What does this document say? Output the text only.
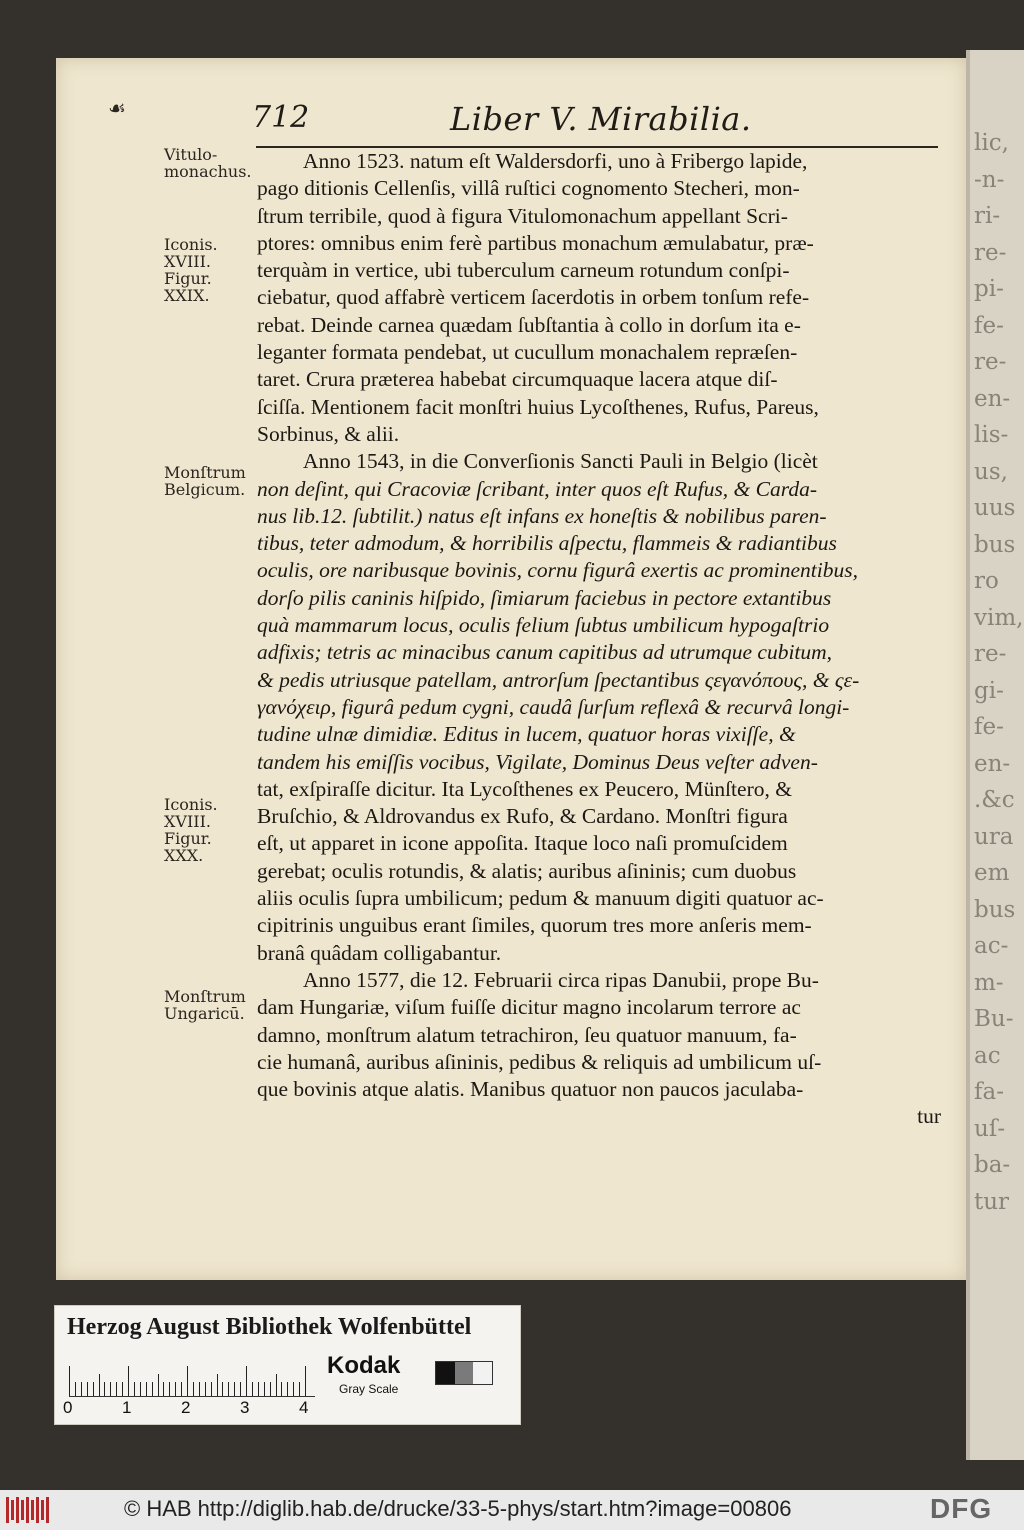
lic,
-n-
ri-
re-
pi-
fe-
re-
en-
lis-
us,
uus
bus
ro
vim,
re-
gi-
fe-
en-
.&c
ura
em
bus
ac-
m-
Bu-
ac
fa-
uſ-
ba-
tur
☙	712	Liber V. Mirabilia.
Vitulo-
monachus.
Iconis.
XVIII.
Figur.
XXIX.
Monſtrum
Belgicum.
Iconis.
XVIII.
Figur.
XXX.
Monſtrum
Ungaricū.
Anno 1523. natum eſt Waldersdorfi, uno à Fribergo lapide,
pago ditionis Cellenſis, villâ ruſtici cognomento Stecheri, mon-
ſtrum terribile, quod à figura Vitulomonachum appellant Scri-
ptores: omnibus enim ferè partibus monachum æmulabatur, præ-
terquàm in vertice, ubi tuberculum carneum rotundum conſpi-
ciebatur, quod affabrè verticem ſacerdotis in orbem tonſum refe-
rebat. Deinde carnea quædam ſubſtantia à collo in dorſum ita e-
leganter formata pendebat, ut cucullum monachalem repræſen-
taret. Crura præterea habebat circumquaque lacera atque diſ-
ſciſſa. Mentionem facit monſtri huius Lycoſthenes, Rufus, Pareus,
Sorbinus, & alii.
Anno 1543, in die Converſionis Sancti Pauli in Belgio (licèt
non deſint, qui Cracoviæ ſcribant, inter quos eſt Rufus, & Carda-
nus lib.12. ſubtilit.) natus eſt infans ex honeſtis & nobilibus paren-
tibus, teter admodum, & horribilis aſpectu, flammeis & radiantibus
oculis, ore naribusque bovinis, cornu figurâ exertis ac prominentibus,
dorſo pilis caninis hiſpido, ſimiarum faciebus in pectore extantibus
quà mammarum locus, oculis felium ſubtus umbilicum hypogaſtrio
adfixis; tetris ac minacibus canum capitibus ad utrumque cubitum,
& pedis utriusque patellam, antrorſum ſpectantibus ςεγανόπους, & ςε-
γανόχειρ, figurâ pedum cygni, caudâ ſurſum reflexâ & recurvâ longi-
tudine ulnæ dimidiæ. Editus in lucem, quatuor horas vixiſſe, &
tandem his emiſſis vocibus, Vigilate, Dominus Deus veſter adven-
tat, exſpiraſſe dicitur. Ita Lycoſthenes ex Peucero, Münſtero, &
Bruſchio, & Aldrovandus ex Rufo, & Cardano. Monſtri figura
eſt, ut apparet in icone appoſita. Itaque loco naſi promuſcidem
gerebat; oculis rotundis, & alatis; auribus aſininis; cum duobus
aliis oculis ſupra umbilicum; pedum & manuum digiti quatuor ac-
cipitrinis unguibus erant ſimiles, quorum tres more anſeris mem-
branâ quâdam colligabantur.
Anno 1577, die 12. Februarii circa ripas Danubii, prope Bu-
dam Hungariæ, viſum fuiſſe dicitur magno incolarum terrore ac
damno, monſtrum alatum tetrachiron, ſeu quatuor manuum, fa-
cie humanâ, auribus aſininis, pedibus & reliquis ad umbilicum uſ-
que bovinis atque alatis. Manibus quatuor non paucos jaculaba-
tur
Herzog August Bibliothek Wolfenbüttel
0	1	2	3	4
Kodak
Gray Scale
© HAB http://diglib.hab.de/drucke/33-5-phys/start.htm?image=00806	DFG
